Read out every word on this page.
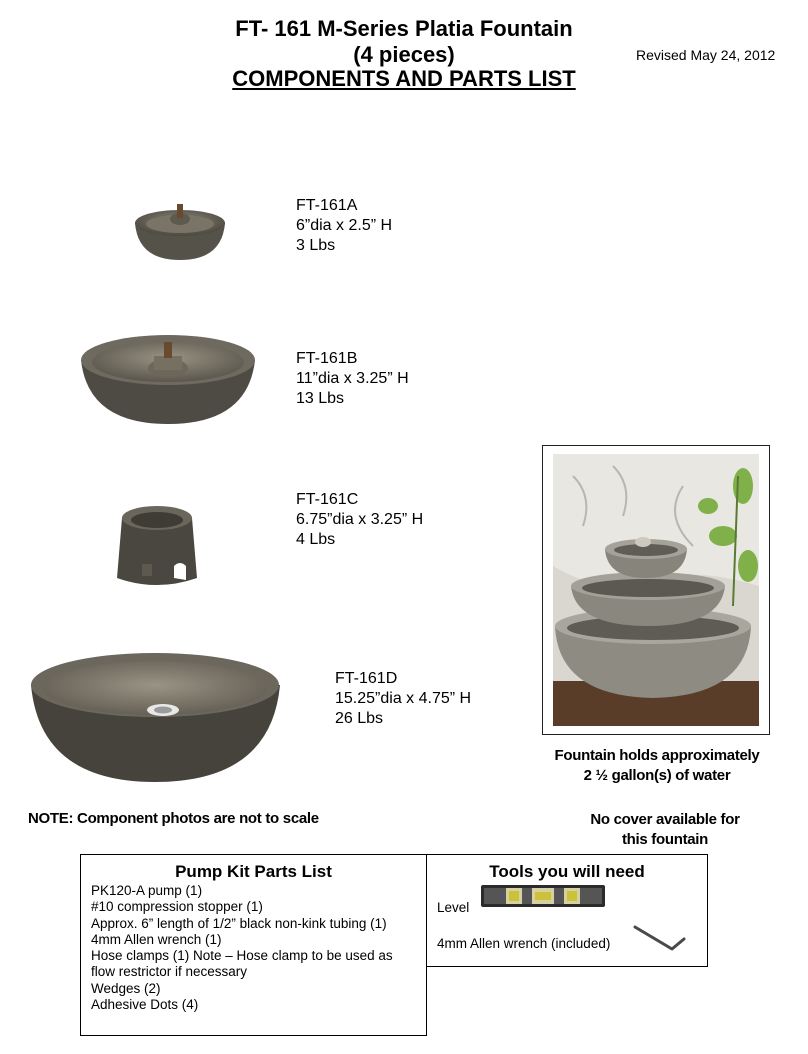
FT- 161 M-Series Platia Fountain
(4 pieces)
COMPONENTS AND PARTS LIST
Revised May 24, 2012
FT-161A
6”dia x 2.5” H
3 Lbs
FT-161B
11”dia x 3.25” H
13 Lbs
FT-161C
6.75”dia x 3.25” H
4 Lbs
FT-161D
15.25”dia x 4.75” H
26 Lbs
Fountain holds approximately
2 ½ gallon(s) of water
NOTE: Component photos are not to scale	No cover available for
this fountain
Pump Kit Parts List
PK120-A pump (1)
#10 compression stopper (1)
Approx. 6” length of 1/2” black non-kink tubing (1)
4mm Allen wrench (1)
Hose clamps (1) Note – Hose clamp to be used as
flow restrictor if necessary
Wedges (2)
Adhesive Dots (4)
Tools you will need
Level
4mm Allen wrench (included)
